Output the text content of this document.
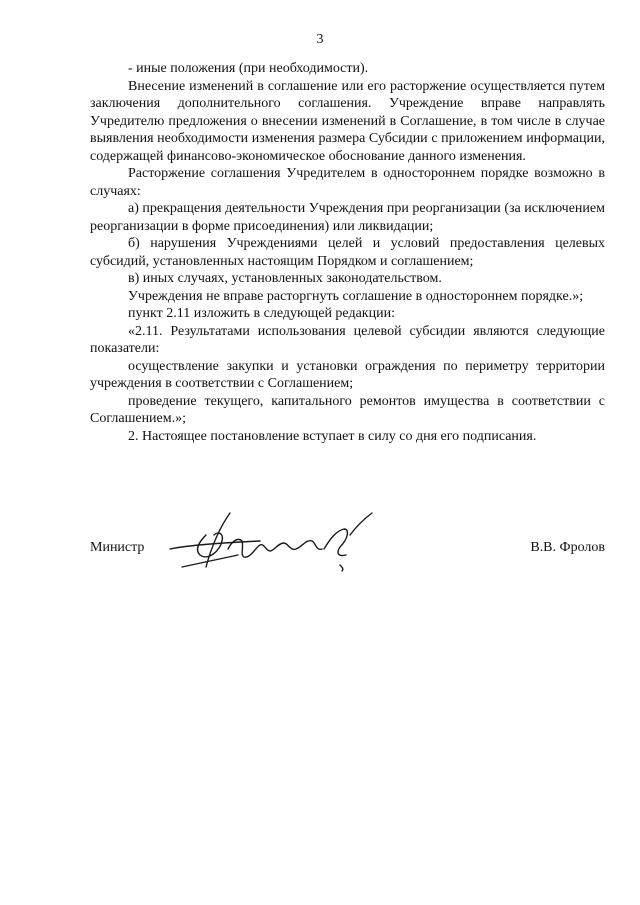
3

- иные положения (при необходимости).

Внесение изменений в соглашение или его расторжение осуществляется путем заключения дополнительного соглашения. Учреждение вправе направлять Учредителю предложения о внесении изменений в Соглашение, в том числе в случае выявления необходимости изменения размера Субсидии с приложением информации, содержащей финансово-экономическое обоснование данного изменения.

Расторжение соглашения Учредителем в одностороннем порядке возможно в случаях:

а) прекращения деятельности Учреждения при реорганизации (за исключением реорганизации в форме присоединения) или ликвидации;

б) нарушения Учреждениями целей и условий предоставления целевых субсидий, установленных настоящим Порядком и соглашением;

в) иных случаях, установленных законодательством.

Учреждения не вправе расторгнуть соглашение в одностороннем порядке.»;

пункт 2.11 изложить в следующей редакции:

«2.11. Результатами использования целевой субсидии являются следующие показатели:

осуществление закупки и установки ограждения по периметру территории учреждения в соответствии с Соглашением;

проведение текущего, капитального ремонтов имущества в соответствии с Соглашением.»;

2. Настоящее постановление вступает в силу со дня его подписания.

Министр	В.В. Фролов
